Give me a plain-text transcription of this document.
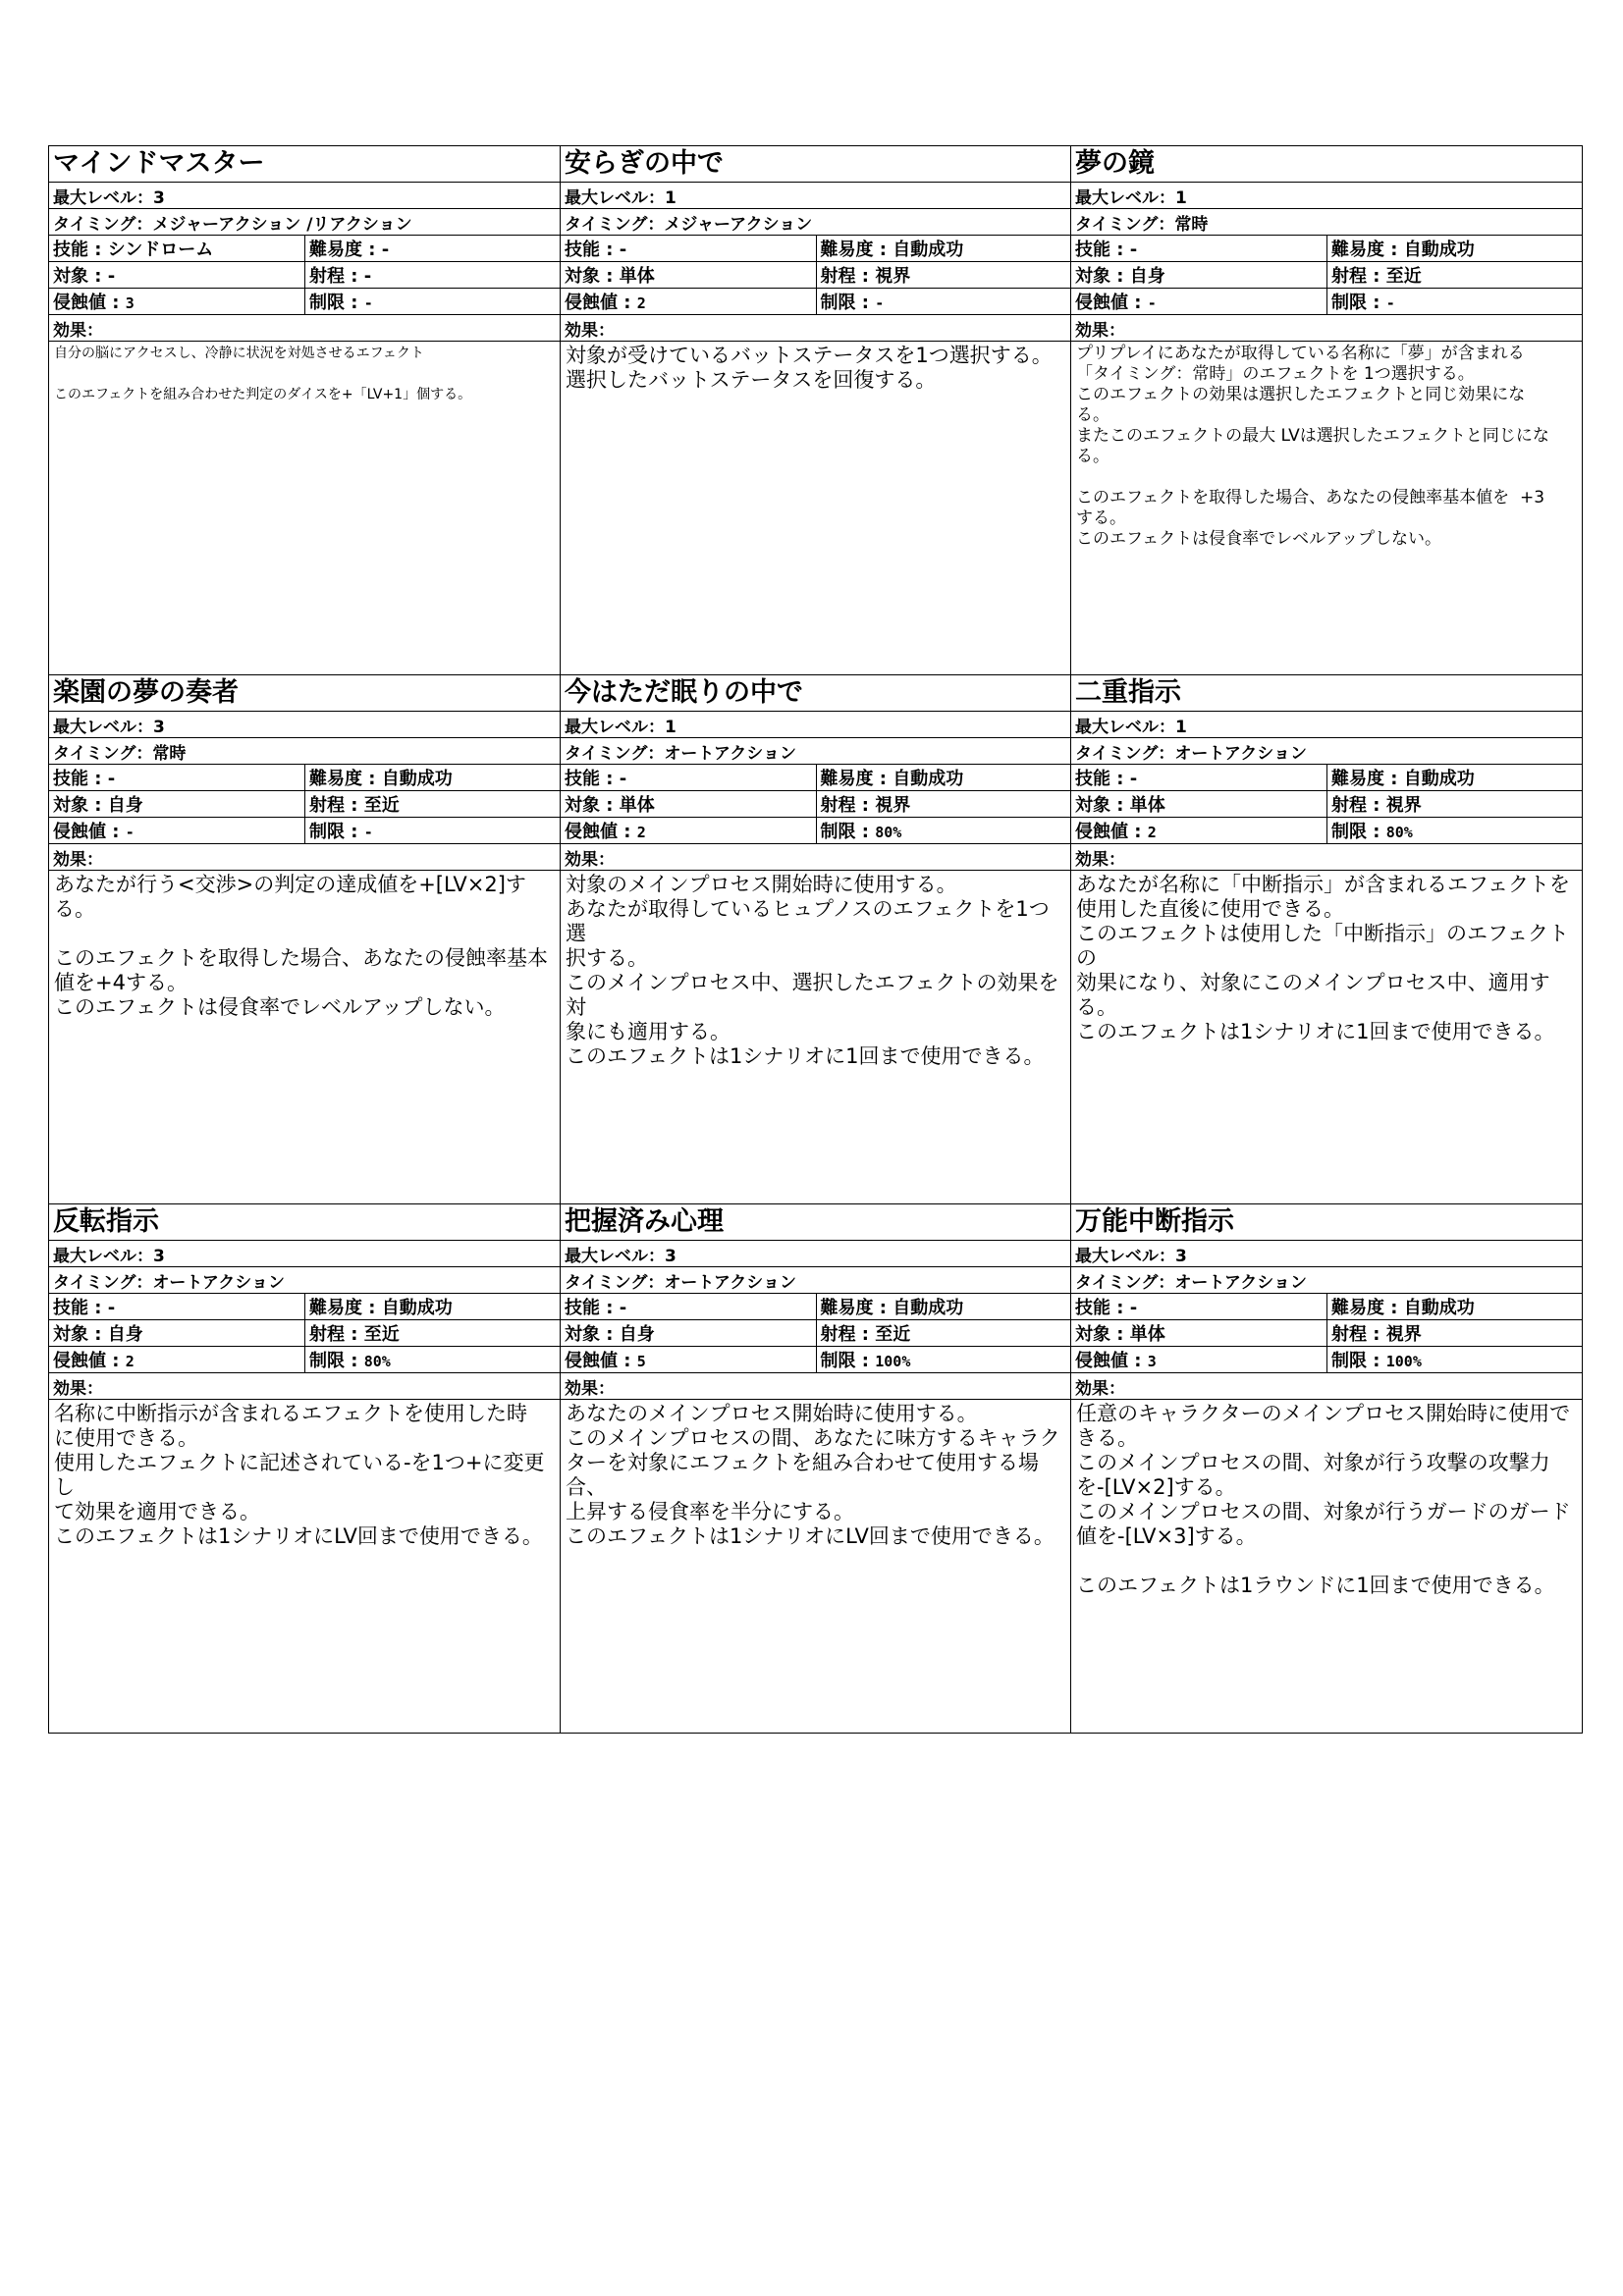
マインドマスター
最大レベル：3
タイミング：メジャーアクション /リアクション
技能 : シンドローム	難易度 : -
対象 : -	射程 : -
侵蝕値 : 3	制限 : -
効果：
自分の脳にアクセスし、冷静に状況を対処させるエフェクト

このエフェクトを組み合わせた判定のダイスを+「LV+1」個する。
安らぎの中で
最大レベル：1
タイミング：メジャーアクション
技能 : -	難易度 : 自動成功
対象 : 単体	射程 : 視界
侵蝕値 : 2	制限 : -
効果：
対象が受けているバットステータスを1つ選択する。
選択したバットステータスを回復する。
夢の鏡
最大レベル：1
タイミング：常時
技能 : -	難易度 : 自動成功
対象 : 自身	射程 : 至近
侵蝕値 : -	制限 : -
効果：
プリプレイにあなたが取得している名称に「夢」が含まれる
「タイミング：常時」のエフェクトを 1つ選択する。
このエフェクトの効果は選択したエフェクトと同じ効果にな
る。
またこのエフェクトの最大 LVは選択したエフェクトと同じにな
る。

このエフェクトを取得した場合、あなたの侵蝕率基本値を  +3
する。
このエフェクトは侵食率でレベルアップしない。
楽園の夢の奏者
最大レベル：3
タイミング：常時
技能 : -	難易度 : 自動成功
対象 : 自身	射程 : 至近
侵蝕値 : -	制限 : -
効果：
あなたが行う<交渉>の判定の達成値を+[LV×2]す
る。

このエフェクトを取得した場合、あなたの侵蝕率基本
値を+4する。
このエフェクトは侵食率でレベルアップしない。
今はただ眠りの中で
最大レベル：1
タイミング：オートアクション
技能 : -	難易度 : 自動成功
対象 : 単体	射程 : 視界
侵蝕値 : 2	制限 : 80%
効果：
対象のメインプロセス開始時に使用する。
あなたが取得しているヒュプノスのエフェクトを1つ選
択する。
このメインプロセス中、選択したエフェクトの効果を対
象にも適用する。
このエフェクトは1シナリオに1回まで使用できる。
二重指示
最大レベル：1
タイミング：オートアクション
技能 : -	難易度 : 自動成功
対象 : 単体	射程 : 視界
侵蝕値 : 2	制限 : 80%
効果：
あなたが名称に「中断指示」が含まれるエフェクトを
使用した直後に使用できる。
このエフェクトは使用した「中断指示」のエフェクトの
効果になり、対象にこのメインプロセス中、適用す
る。
このエフェクトは1シナリオに1回まで使用できる。
反転指示
最大レベル：3
タイミング：オートアクション
技能 : -	難易度 : 自動成功
対象 : 自身	射程 : 至近
侵蝕値 : 2	制限 : 80%
効果：
名称に中断指示が含まれるエフェクトを使用した時
に使用できる。
使用したエフェクトに記述されている-を1つ+に変更し
て効果を適用できる。
このエフェクトは1シナリオにLV回まで使用できる。
把握済み心理
最大レベル：3
タイミング：オートアクション
技能 : -	難易度 : 自動成功
対象 : 自身	射程 : 至近
侵蝕値 : 5	制限 : 100%
効果：
あなたのメインプロセス開始時に使用する。
このメインプロセスの間、あなたに味方するキャラク
ターを対象にエフェクトを組み合わせて使用する場
合、
上昇する侵食率を半分にする。
このエフェクトは1シナリオにLV回まで使用できる。
万能中断指示
最大レベル：3
タイミング：オートアクション
技能 : -	難易度 : 自動成功
対象 : 単体	射程 : 視界
侵蝕値 : 3	制限 : 100%
効果：
任意のキャラクターのメインプロセス開始時に使用で
きる。
このメインプロセスの間、対象が行う攻撃の攻撃力
を-[LV×2]する。
このメインプロセスの間、対象が行うガードのガード
値を-[LV×3]する。

このエフェクトは1ラウンドに1回まで使用できる。
